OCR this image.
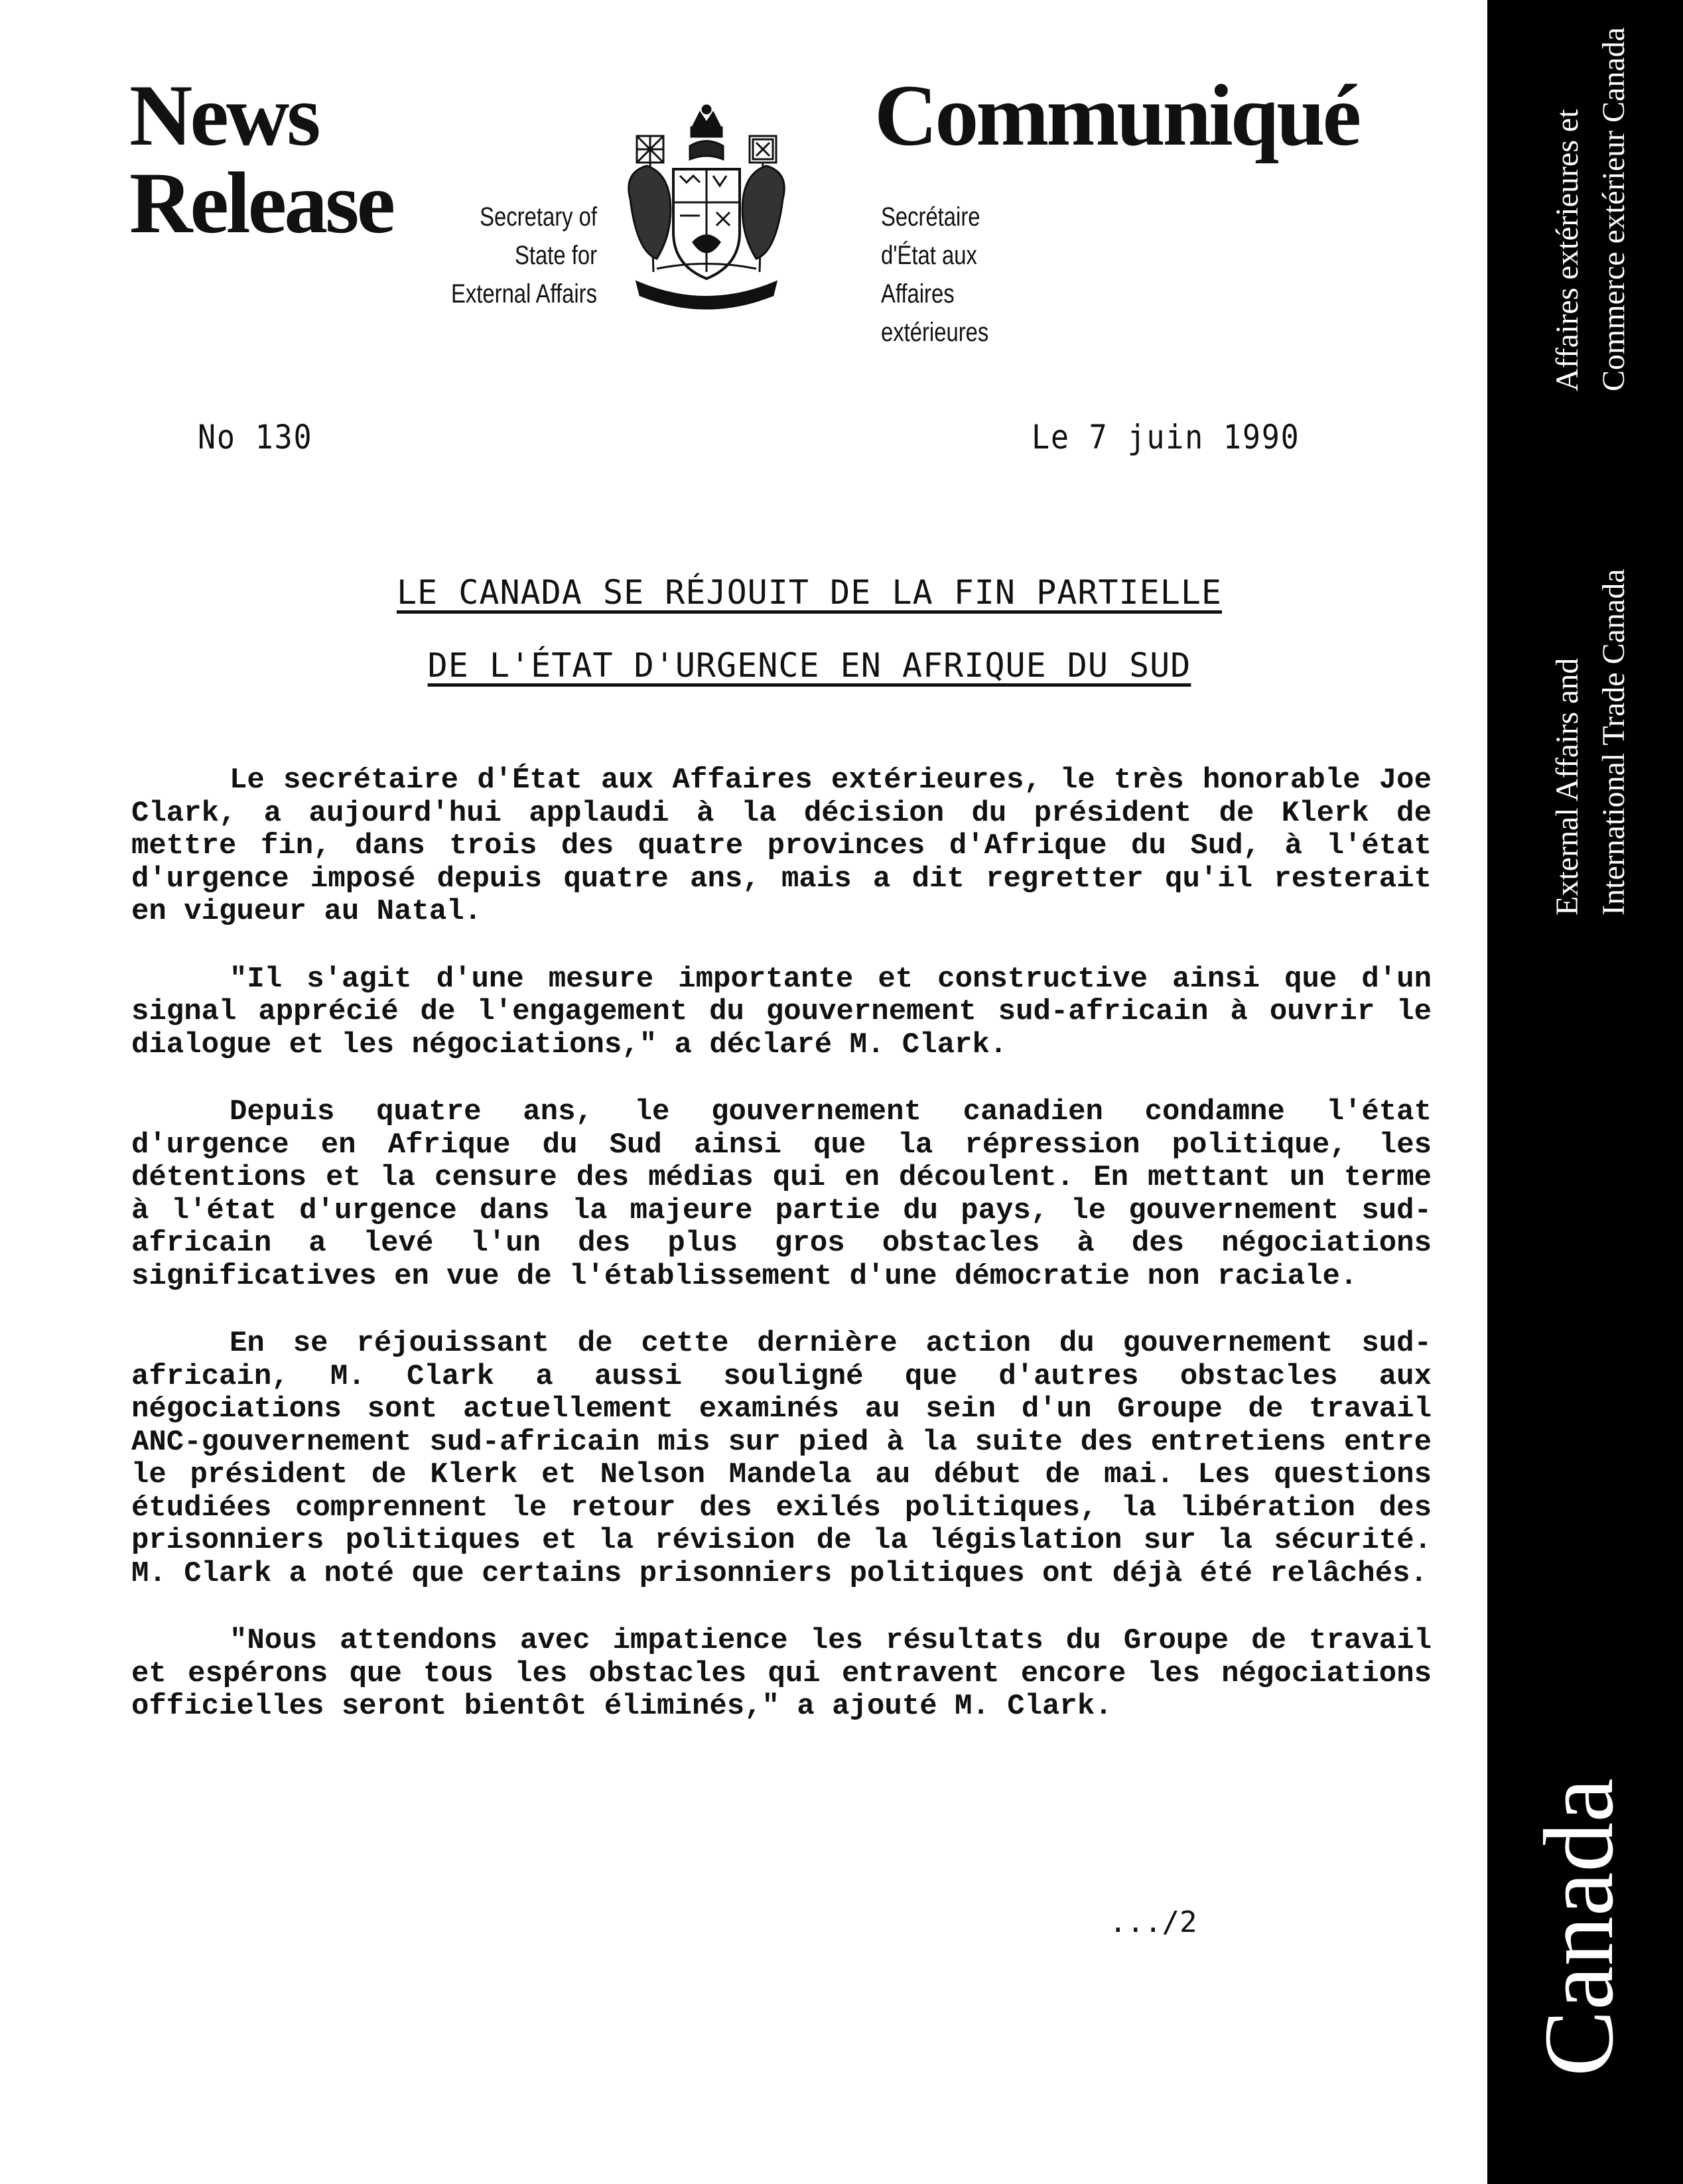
News Release	Secretary of
State for
External Affairs
Communiqué
Secrétaire
d'État aux
Affaires
extérieures
No 130	Le 7 juin 1990
LE CANADA SE RÉJOUIT DE LA FIN PARTIELLE
DE L'ÉTAT D'URGENCE EN AFRIQUE DU SUD

Le secrétaire d'État aux Affaires extérieures, le très honorable Joe Clark, a aujourd'hui applaudi à la décision du président de Klerk de mettre fin, dans trois des quatre provinces d'Afrique du Sud, à l'état d'urgence imposé depuis quatre ans, mais a dit regretter qu'il resterait en vigueur au Natal.

"Il s'agit d'une mesure importante et constructive ainsi que d'un signal apprécié de l'engagement du gouvernement sud-africain à ouvrir le dialogue et les négociations," a déclaré M. Clark.

Depuis quatre ans, le gouvernement canadien condamne l'état d'urgence en Afrique du Sud ainsi que la répression politique, les détentions et la censure des médias qui en découlent. En mettant un terme à l'état d'urgence dans la majeure partie du pays, le gouvernement sud-africain a levé l'un des plus gros obstacles à des négociations significatives en vue de l'établissement d'une démocratie non raciale.

En se réjouissant de cette dernière action du gouvernement sud-africain, M. Clark a aussi souligné que d'autres obstacles aux négociations sont actuellement examinés au sein d'un Groupe de travail ANC-gouvernement sud-africain mis sur pied à la suite des entretiens entre le président de Klerk et Nelson Mandela au début de mai. Les questions étudiées comprennent le retour des exilés politiques, la libération des prisonniers politiques et la révision de la législation sur la sécurité. M. Clark a noté que certains prisonniers politiques ont déjà été relâchés.

"Nous attendons avec impatience les résultats du Groupe de travail et espérons que tous les obstacles qui entravent encore les négociations officielles seront bientôt éliminés," a ajouté M. Clark.

.../2
Affaires extérieures et Commerce extérieur Canada
External Affairs and International Trade Canada
Canada
